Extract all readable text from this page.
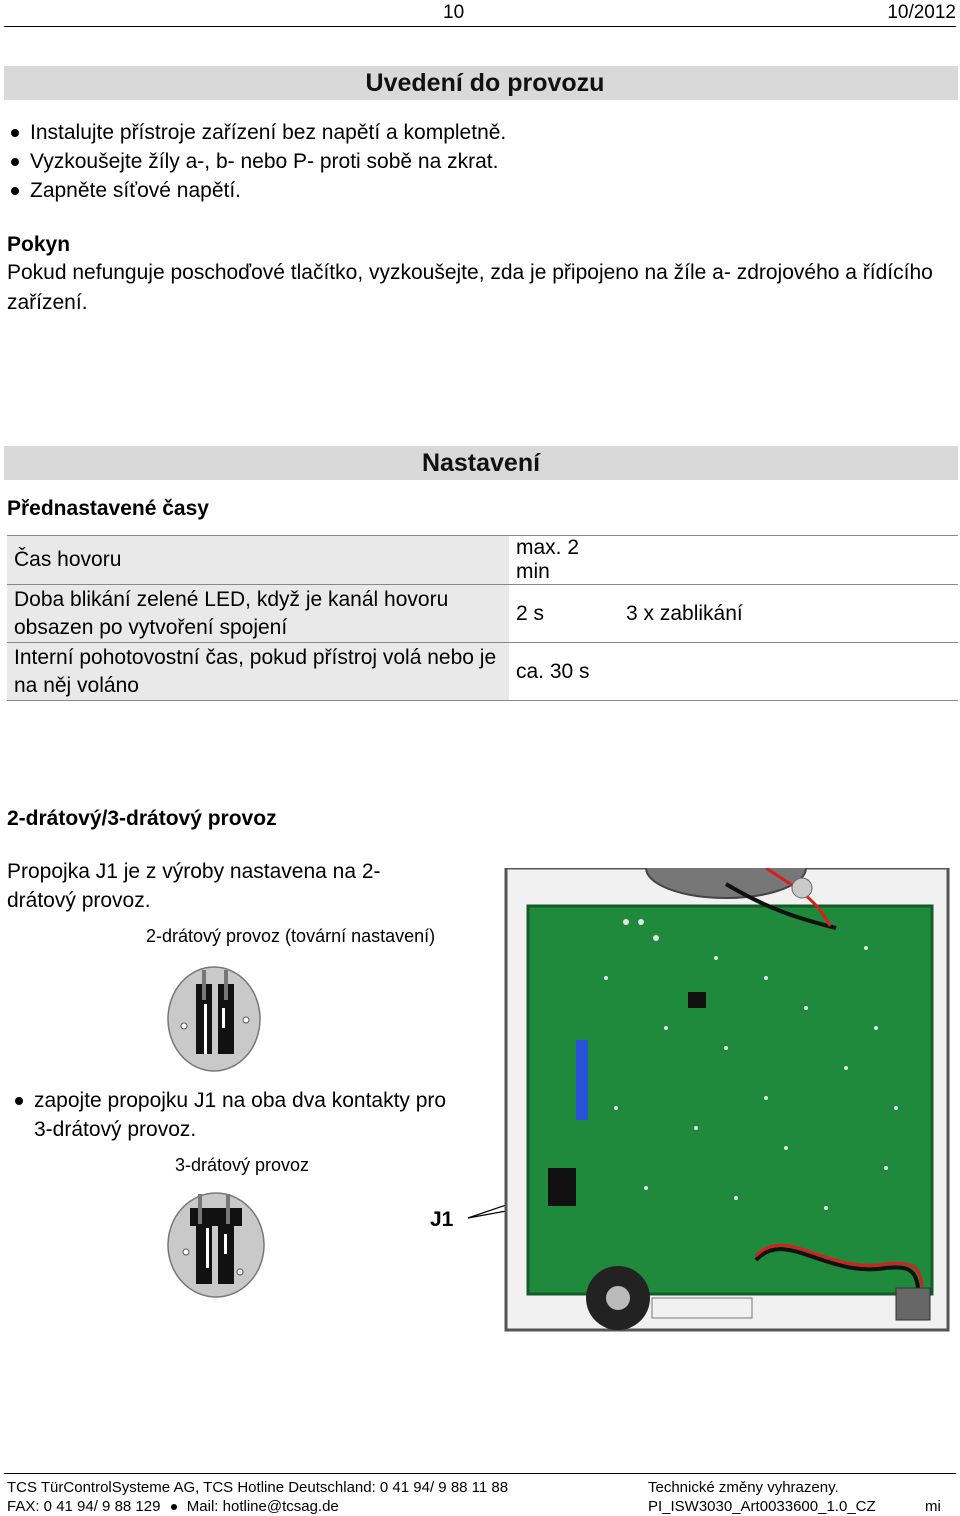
10	10/2012
Uvedení do provozu
Instalujte přístroje zařízení bez napětí a kompletně.
Vyzkoušejte žíly a-, b- nebo P- proti sobě na zkrat.
Zapněte síťové napětí.
Pokyn
Pokud nefunguje poschoďové tlačítko, vyzkoušejte, zda je připojeno na žíle a- zdrojového a řídícího zařízení.
Nastavení
Přednastavené časy
Čas hovoru	max. 2 min	
Doba blikání zelené LED, když je kanál hovoru obsazen po vytvoření spojení	2 s	3 x zablikání
Interní pohotovostní čas, pokud přístroj volá nebo je na něj voláno	ca. 30 s	
2-drátový/3-drátový provoz
Propojka J1 je z výroby nastavena na 2-drátový provoz.
2-drátový provoz (tovární nastavení)
zapojte propojku J1 na oba dva kontakty pro 3-drátový provoz.
3-drátový provoz
J1
TCS TürControlSysteme AG, TCS Hotline Deutschland: 0 41 94/ 9 88 11 88	Technické změny vyhrazeny.
FAX: 0 41 94/ 9 88 129 Mail: hotline@tcsag.de	PI_ISW3030_Art0033600_1.0_CZ	mi
